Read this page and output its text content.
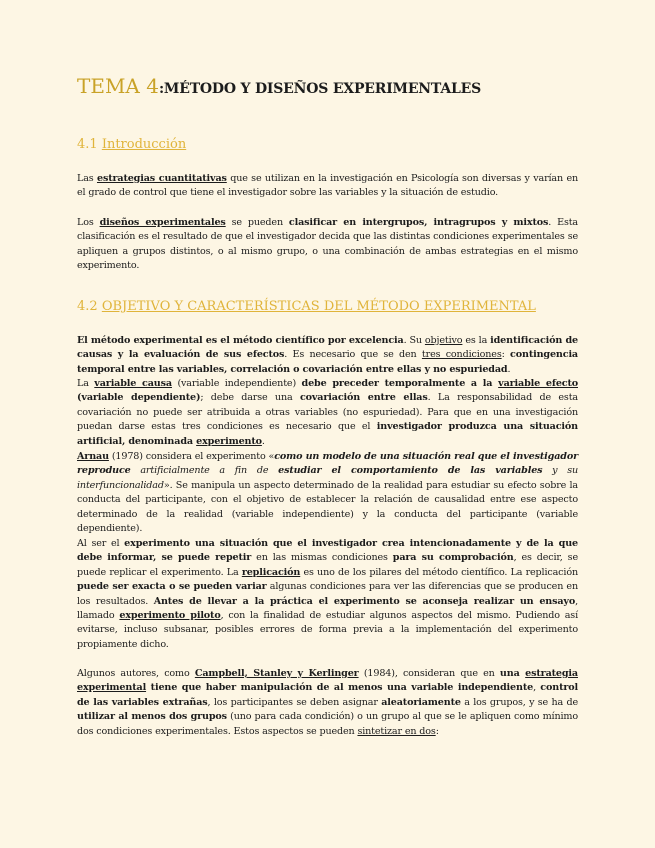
TEMA 4:MÉTODO Y DISEÑOS EXPERIMENTALES
4.1 Introducción

Las estrategias cuantitativas que se utilizan en la investigación en Psicología son diversas y varían en el grado de control que tiene el investigador sobre las variables y la situación de estudio.

Los diseños experimentales se pueden clasificar en intergrupos, intragrupos y mixtos. Esta clasificación es el resultado de que el investigador decida que las distintas condiciones experimentales se apliquen a grupos distintos, o al mismo grupo, o una combinación de ambas estrategias en el mismo experimento.

4.2 OBJETIVO Y CARACTERÍSTICAS DEL MÉTODO EXPERIMENTAL

El método experimental es el método científico por excelencia. Su objetivo es la identificación de causas y la evaluación de sus efectos. Es necesario que se den tres condiciones: contingencia temporal entre las variables, correlación o covariación entre ellas y no espuriedad.

La variable causa (variable independiente) debe preceder temporalmente a la variable efecto (variable dependiente); debe darse una covariación entre ellas. La responsabilidad de esta covariación no puede ser atribuida a otras variables (no espuriedad). Para que en una investigación puedan darse estas tres condiciones es necesario que el investigador produzca una situación artificial, denominada experimento.

Arnau (1978) considera el experimento «como un modelo de una situación real que el investigador reproduce artificialmente a fin de estudiar el comportamiento de las variables y su interfuncionalidad». Se manipula un aspecto determinado de la realidad para estudiar su efecto sobre la conducta del participante, con el objetivo de establecer la relación de causalidad entre ese aspecto determinado de la realidad (variable independiente) y la conducta del participante (variable dependiente).

Al ser el experimento una situación que el investigador crea intencionadamente y de la que debe informar, se puede repetir en las mismas condiciones para su comprobación, es decir, se puede replicar el experimento. La replicación es uno de los pilares del método científico. La replicación puede ser exacta o se pueden variar algunas condiciones para ver las diferencias que se producen en los resultados. Antes de llevar a la práctica el experimento se aconseja realizar un ensayo, llamado experimento piloto, con la finalidad de estudiar algunos aspectos del mismo. Pudiendo así evitarse, incluso subsanar, posibles errores de forma previa a la implementación del experimento propiamente dicho.

Algunos autores, como Campbell, Stanley y Kerlinger (1984), consideran que en una estrategia experimental tiene que haber manipulación de al menos una variable independiente, control de las variables extrañas, los participantes se deben asignar aleatoriamente a los grupos, y se ha de utilizar al menos dos grupos (uno para cada condición) o un grupo al que se le apliquen como mínimo dos condiciones experimentales. Estos aspectos se pueden sintetizar en dos:
